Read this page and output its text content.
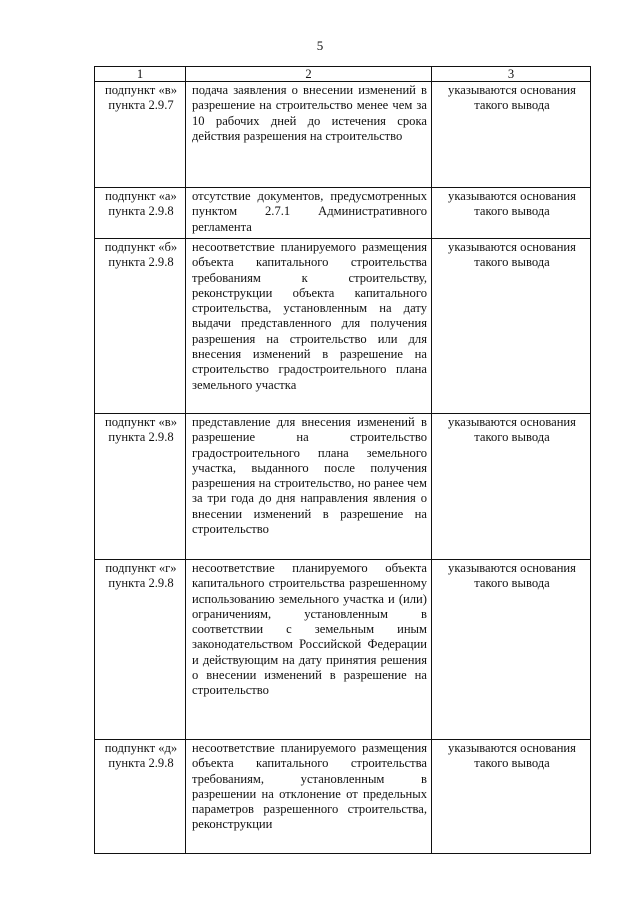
5
1	2	3
подпункт «в» пункта 2.9.7	подача заявления о внесении изменений в разрешение на строительство менее чем за 10 рабочих дней до истечения срока действия разрешения на строительство	указываются основания такого вывода
подпункт «а» пункта 2.9.8	отсутствие документов, предусмотренных пунктом 2.7.1 Административного регламента	указываются основания такого вывода
подпункт «б» пункта 2.9.8	несоответствие планируемого размещения объекта капитального строительства требованиям к строительству, реконструкции объекта капитального строительства, установленным на дату выдачи представленного для получения разрешения на строительство или для внесения изменений в разрешение на строительство градостроительного плана земельного участка	указываются основания такого вывода
подпункт «в» пункта 2.9.8	представление для внесения изменений в разрешение на строительство градостроительного плана земельного участка, выданного после получения разрешения на строительство, но ранее чем за три года до дня направления явления о внесении изменений в разрешение на строительство	указываются основания такого вывода
подпункт «г» пункта 2.9.8	несоответствие планируемого объекта капитального строительства разрешенному использованию земельного участка и (или) ограничениям, установленным в соответствии с земельным иным законодательством Российской Федерации и действующим на дату принятия решения о внесении изменений в разрешение на строительство	указываются основания такого вывода
подпункт «д» пункта 2.9.8	несоответствие планируемого размещения объекта капитального строительства требованиям, установленным в разрешении на отклонение от предельных параметров разрешенного строительства, реконструкции	указываются основания такого вывода
